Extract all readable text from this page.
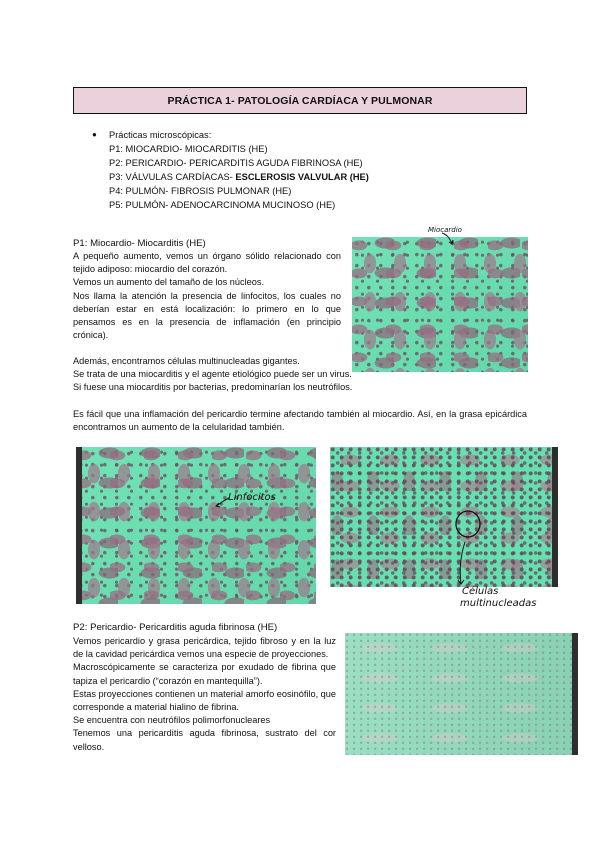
PRÁCTICA 1- PATOLOGÍA CARDÍACA Y PULMONAR
● Prácticas microscópicas:
P1: MIOCARDIO- MIOCARDITIS (HE)
P2: PERICARDIO- PERICARDITIS AGUDA FIBRINOSA (HE)
P3: VÁLVULAS CARDÍACAS- ESCLEROSIS VALVULAR (HE)
P4: PULMÓN- FIBROSIS PULMONAR (HE)
P5: PULMÓN- ADENOCARCINOMA MUCINOSO (HE)
P1: Miocardio- Miocarditis (HE)

A pequeño aumento, vemos un órgano sólido relacionado con tejido adiposo: miocardio del corazón.

Vemos un aumento del tamaño de los núcleos.

Nos llama la atención la presencia de linfocitos, los cuales no deberían estar en está localización: lo primero en lo que pensamos es en la presencia de inflamación (en principio crónica).

Además, encontramos células multinucleadas gigantes.

Se trata de una miocarditis y el agente etiológico puede ser un virus.

Si fuese una miocarditis por bacterias, predominarían los neutrófilos.

Es fácil que una inflamación del pericardio termine afectando también al miocardio. Así, en la grasa epicárdica encontramos un aumento de la celularidad también.

Miocardio
Linfocitos
Células
multinucleadas
P2: Pericardio- Pericarditis aguda fibrinosa (HE)

Vemos pericardio y grasa pericárdica, tejido fibroso y en la luz de la cavidad pericárdica vemos una especie de proyecciones.

Macroscópicamente se caracteriza por exudado de fibrina que tapiza el pericardio (“corazón en mantequilla”).

Estas proyecciones contienen un material amorfo eosinófilo, que corresponde a material hialino de fibrina.

Se encuentra con neutrófilos polimorfonucleares

Tenemos una pericarditis aguda fibrinosa, sustrato del cor velloso.
